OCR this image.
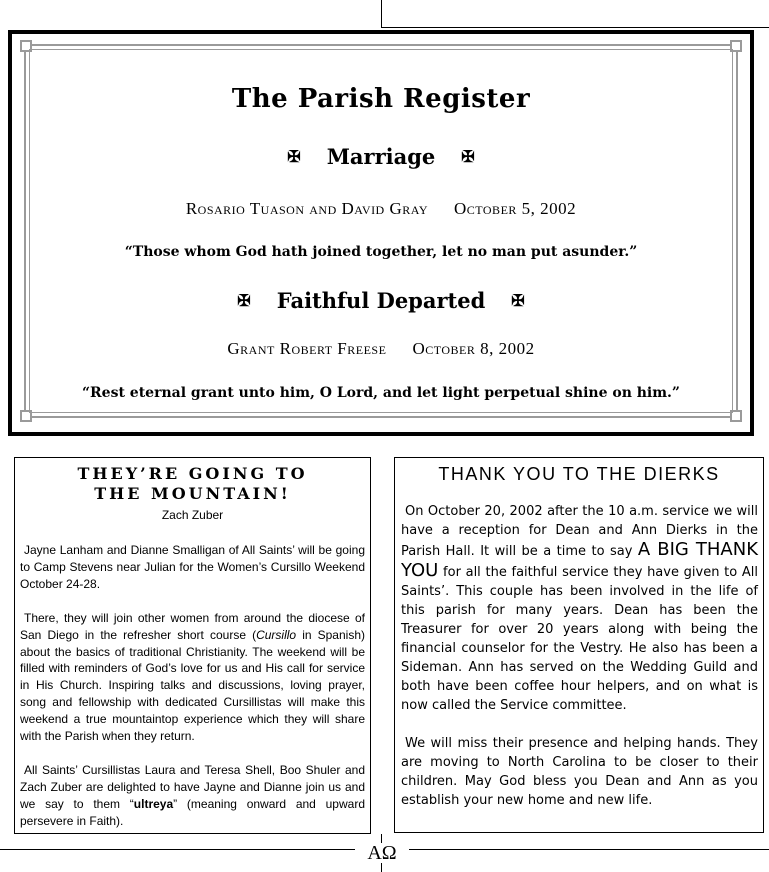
The Parish Register
✠ Marriage ✠
Rosario Tuason and David Gray October 5, 2002
“Those whom God hath joined together, let no man put asunder.”
✠ Faithful Departed ✠
Grant Robert Freese October 8, 2002
“Rest eternal grant unto him, O Lord, and let light perpetual shine on him.”
THEY’RE GOING TO
THE MOUNTAIN!
Zach Zuber

Jayne Lanham and Dianne Smalligan of All Saints’ will be going to Camp Stevens near Julian for the Women’s Cursillo Weekend October 24-28.

There, they will join other women from around the diocese of San Diego in the refresher short course (Cursillo in Spanish) about the basics of traditional Christianity. The weekend will be filled with reminders of God’s love for us and His call for service in His Church. Inspiring talks and discussions, loving prayer, song and fellowship with dedicated Cursillistas will make this weekend a true mountaintop experience which they will share with the Parish when they return.

All Saints’ Cursillistas Laura and Teresa Shell, Boo Shuler and Zach Zuber are delighted to have Jayne and Dianne join us and we say to them “ultreya” (meaning onward and upward persevere in Faith).

THANK YOU TO THE DIERKS

On October 20, 2002 after the 10 a.m. service we will have a reception for Dean and Ann Dierks in the Parish Hall. It will be a time to say A BIG THANK YOU for all the faithful service they have given to All Saints’. This couple has been involved in the life of this parish for many years. Dean has been the Treasurer for over 20 years along with being the financial counselor for the Vestry. He also has been a Sideman. Ann has served on the Wedding Guild and both have been coffee hour helpers, and on what is now called the Service committee.

We will miss their presence and helping hands. They are moving to North Carolina to be closer to their children. May God bless you Dean and Ann as you establish your new home and new life.

AΩ
